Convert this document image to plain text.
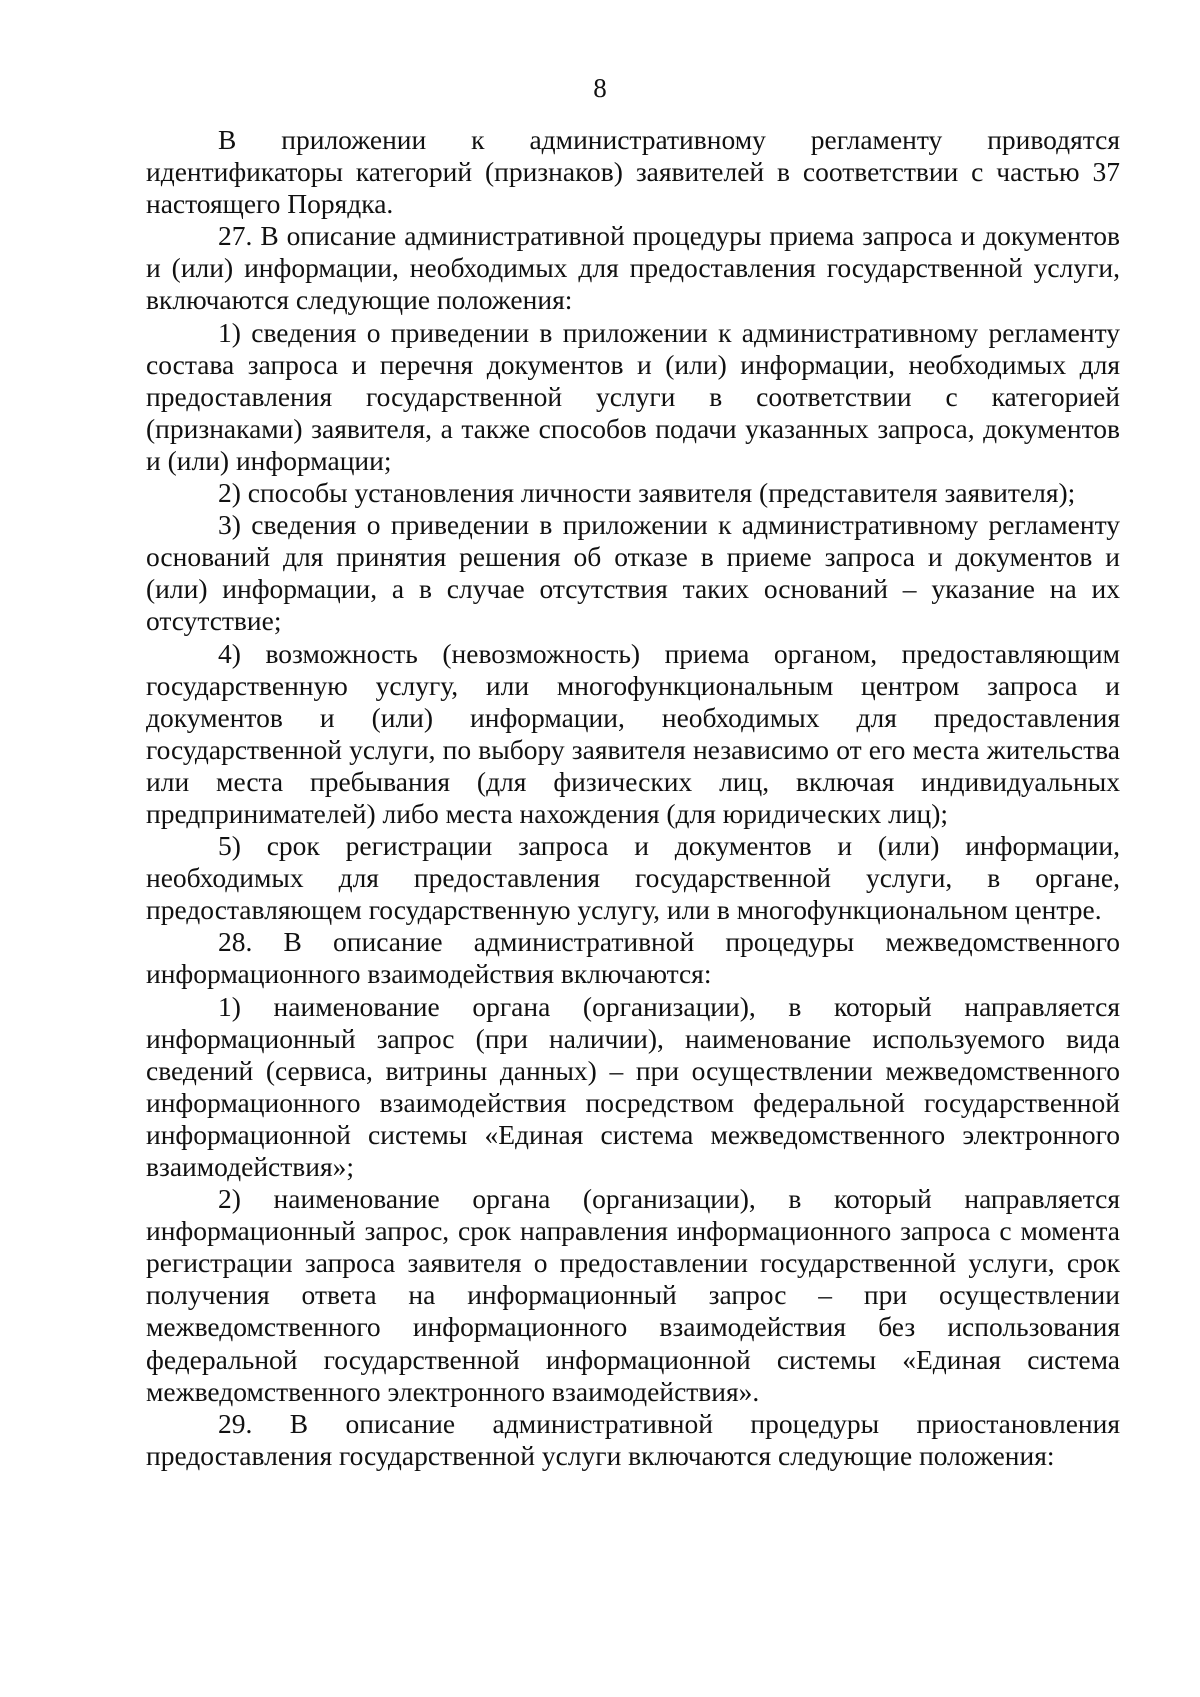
8

В приложении к административному регламенту приводятся идентификаторы категорий (признаков) заявителей в соответствии с частью 37 настоящего Порядка.

27. В описание административной процедуры приема запроса и документов и (или) информации, необходимых для предоставления государственной услуги, включаются следующие положения:

1) сведения о приведении в приложении к административному регламенту состава запроса и перечня документов и (или) информации, необходимых для предоставления государственной услуги в соответствии с категорией (признаками) заявителя, а также способов подачи указанных запроса, документов и (или) информации;

2) способы установления личности заявителя (представителя заявителя);

3) сведения о приведении в приложении к административному регламенту оснований для принятия решения об отказе в приеме запроса и документов и (или) информации, а в случае отсутствия таких оснований – указание на их отсутствие;

4) возможность (невозможность) приема органом, предоставляющим государственную услугу, или многофункциональным центром запроса и документов и (или) информации, необходимых для предоставления государственной услуги, по выбору заявителя независимо от его места жительства или места пребывания (для физических лиц, включая индивидуальных предпринимателей) либо места нахождения (для юридических лиц);

5) срок регистрации запроса и документов и (или) информации, необходимых для предоставления государственной услуги, в органе, предоставляющем государственную услугу, или в многофункциональном центре.

28. В описание административной процедуры межведомственного информационного взаимодействия включаются:

1) наименование органа (организации), в который направляется информационный запрос (при наличии), наименование используемого вида сведений (сервиса, витрины данных) – при осуществлении межведомственного информационного взаимодействия посредством федеральной государственной информационной системы «Единая система межведомственного электронного взаимодействия»;

2) наименование органа (организации), в который направляется информационный запрос, срок направления информационного запроса с момента регистрации запроса заявителя о предоставлении государственной услуги, срок получения ответа на информационный запрос – при осуществлении межведомственного информационного взаимодействия без использования федеральной государственной информационной системы «Единая система межведомственного электронного взаимодействия».

29. В описание административной процедуры приостановления предоставления государственной услуги включаются следующие положения:
